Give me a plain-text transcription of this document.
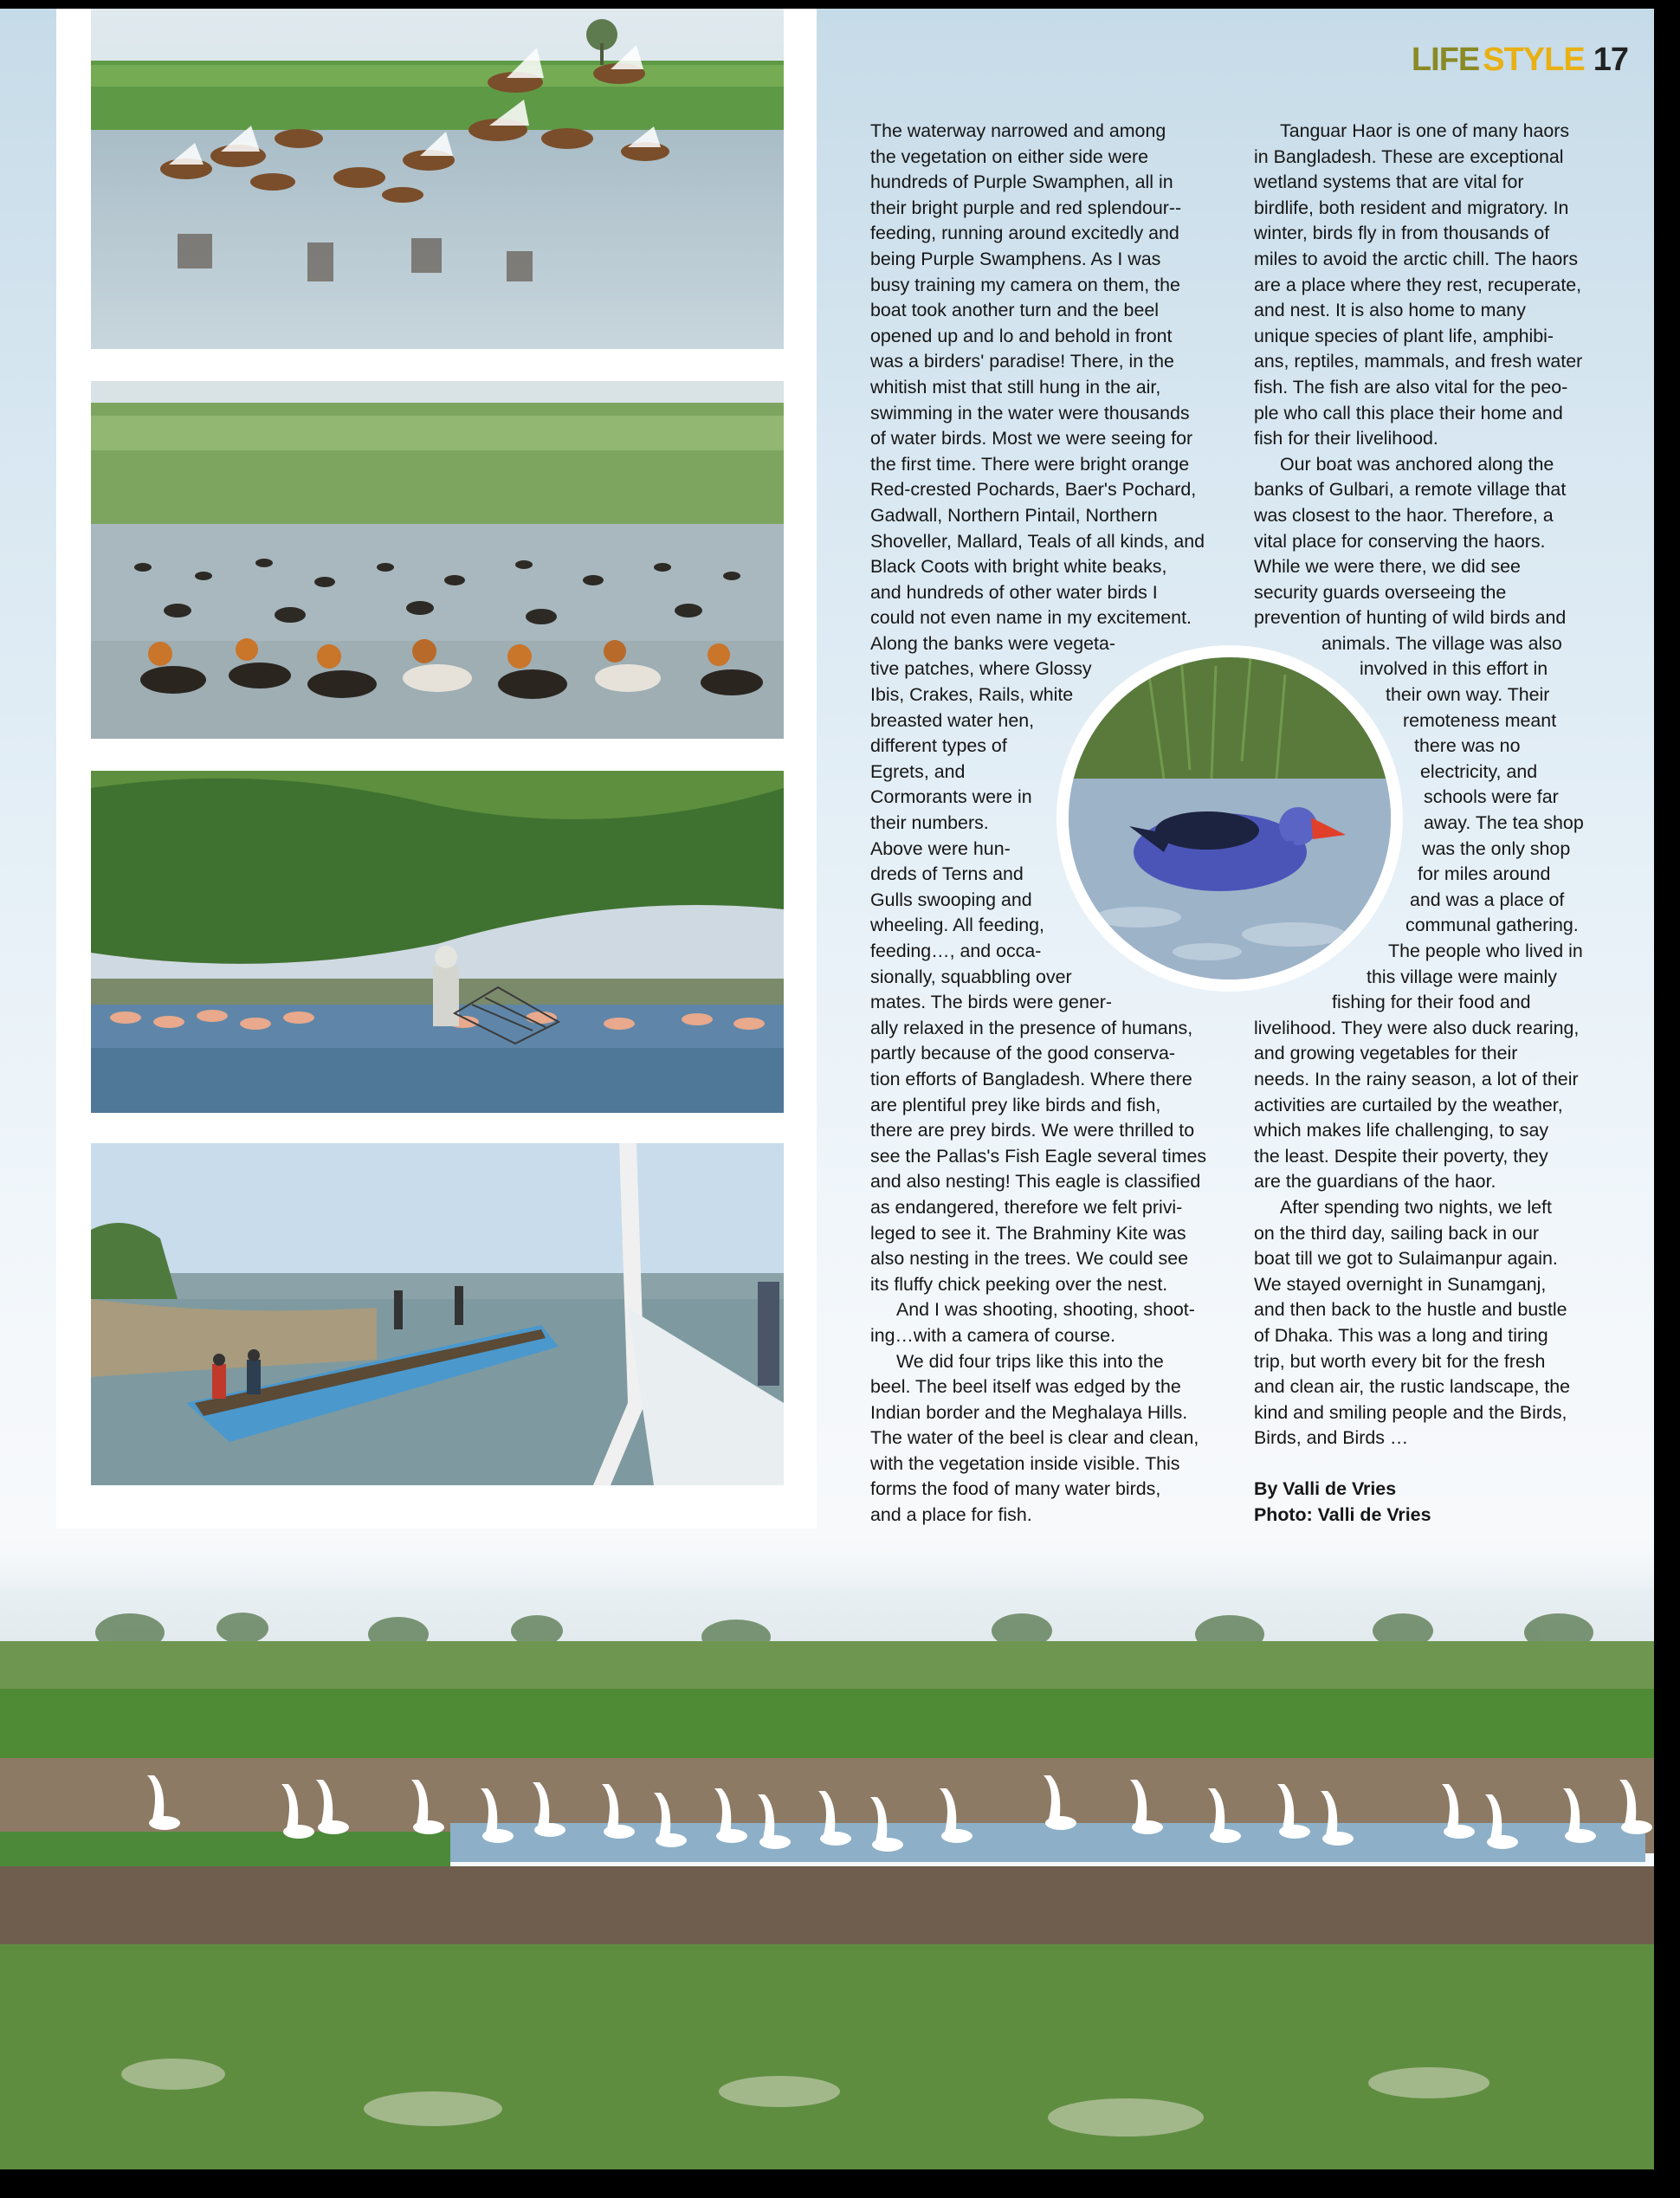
LIFE STYLE 17
The waterway narrowed and among
the vegetation on either side were
hundreds of Purple Swamphen, all in
their bright purple and red splendour--
feeding, running around excitedly and
being Purple Swamphens. As I was
busy training my camera on them, the
boat took another turn and the beel
opened up and lo and behold in front
was a birders' paradise! There, in the
whitish mist that still hung in the air,
swimming in the water were thousands
of water birds. Most we were seeing for
the first time. There were bright orange
Red-crested Pochards, Baer's Pochard,
Gadwall, Northern Pintail, Northern
Shoveller, Mallard, Teals of all kinds, and
Black Coots with bright white beaks,
and hundreds of other water birds I
could not even name in my excitement.
Along the banks were vegeta-
tive patches, where Glossy
Ibis, Crakes, Rails, white
breasted water hen,
different types of
Egrets, and
Cormorants were in
their numbers.
Above were hun-
dreds of Terns and
Gulls swooping and
wheeling. All feeding,
feeding…, and occa-
sionally, squabbling over
mates. The birds were gener-
ally relaxed in the presence of humans,
partly because of the good conserva-
tion efforts of Bangladesh. Where there
are plentiful prey like birds and fish,
there are prey birds. We were thrilled to
see the Pallas's Fish Eagle several times
and also nesting! This eagle is classified
as endangered, therefore we felt privi-
leged to see it. The Brahminy Kite was
also nesting in the trees. We could see
its fluffy chick peeking over the nest.
And I was shooting, shooting, shoot-
ing…with a camera of course.
We did four trips like this into the
beel. The beel itself was edged by the
Indian border and the Meghalaya Hills.
The water of the beel is clear and clean,
with the vegetation inside visible. This
forms the food of many water birds,
and a place for fish.
Tanguar Haor is one of many haors
in Bangladesh. These are exceptional
wetland systems that are vital for
birdlife, both resident and migratory. In
winter, birds fly in from thousands of
miles to avoid the arctic chill. The haors
are a place where they rest, recuperate,
and nest. It is also home to many
unique species of plant life, amphibi-
ans, reptiles, mammals, and fresh water
fish. The fish are also vital for the peo-
ple who call this place their home and
fish for their livelihood.
Our boat was anchored along the
banks of Gulbari, a remote village that
was closest to the haor. Therefore, a
vital place for conserving the haors.
While we were there, we did see
security guards overseeing the
prevention of hunting of wild birds and
animals. The village was also
involved in this effort in
their own way. Their
remoteness meant
there was no
electricity, and
schools were far
away. The tea shop
was the only shop
for miles around
and was a place of
communal gathering.
The people who lived in
this village were mainly
fishing for their food and
livelihood. They were also duck rearing,
and growing vegetables for their
needs. In the rainy season, a lot of their
activities are curtailed by the weather,
which makes life challenging, to say
the least. Despite their poverty, they
are the guardians of the haor.
After spending two nights, we left
on the third day, sailing back in our
boat till we got to Sulaimanpur again.
We stayed overnight in Sunamganj,
and then back to the hustle and bustle
of Dhaka. This was a long and tiring
trip, but worth every bit for the fresh
and clean air, the rustic landscape, the
kind and smiling people and the Birds,
Birds, and Birds …
By Valli de Vries
Photo: Valli de Vries
